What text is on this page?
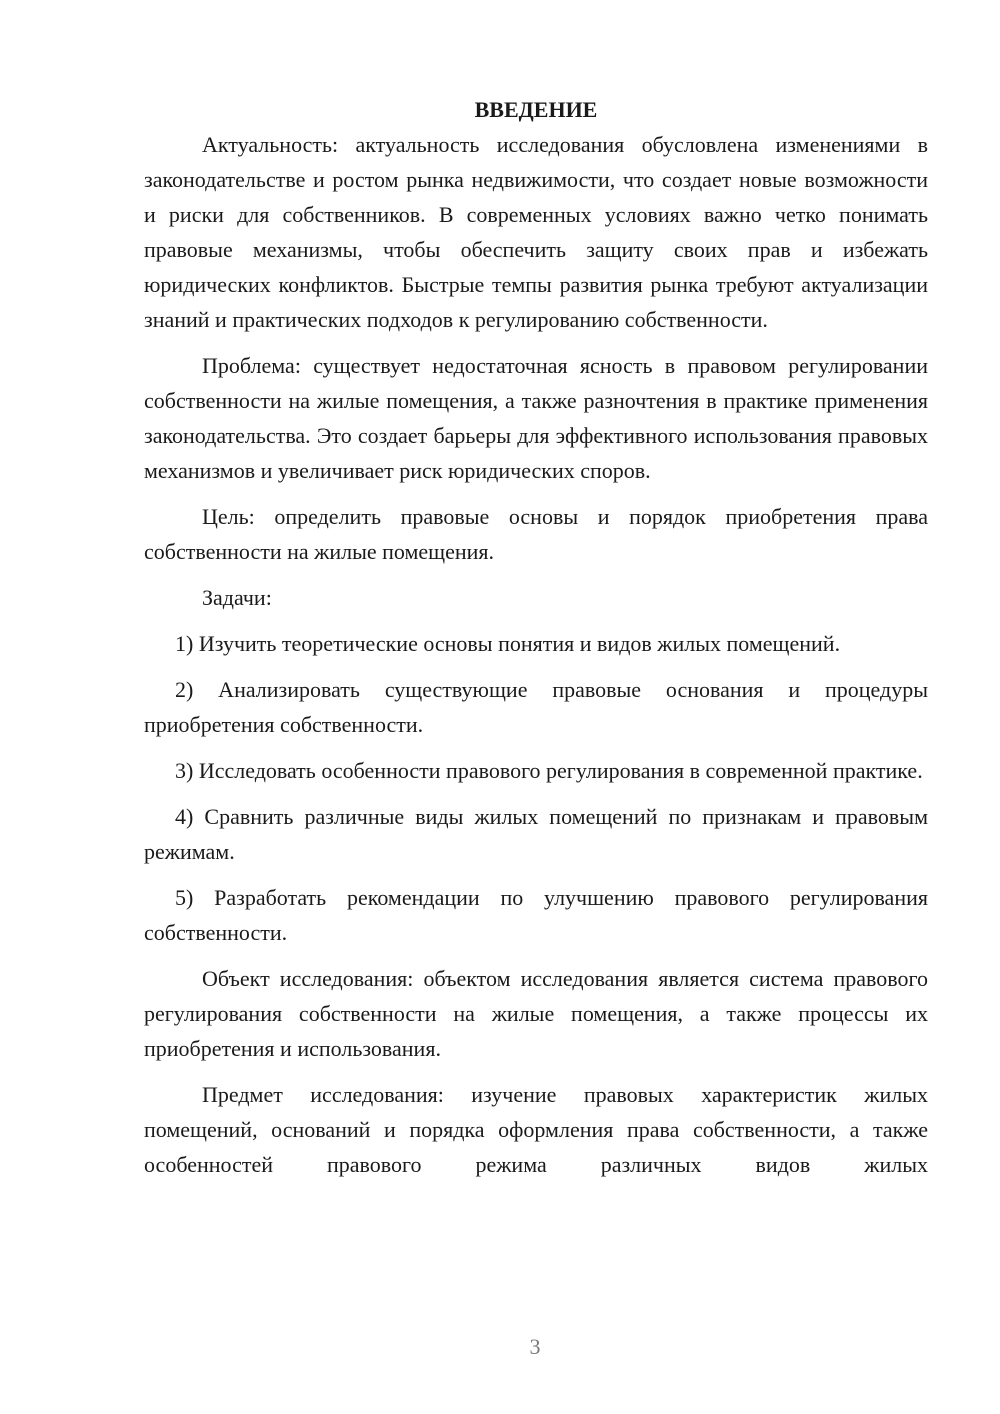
ВВЕДЕНИЕ

Актуальность: актуальность исследования обусловлена изменениями в законодательстве и ростом рынка недвижимости, что создает новые возможности и риски для собственников. В современных условиях важно четко понимать правовые механизмы, чтобы обеспечить защиту своих прав и избежать юридических конфликтов. Быстрые темпы развития рынка требуют актуализации знаний и практических подходов к регулированию собственности.

Проблема: существует недостаточная ясность в правовом регулировании собственности на жилые помещения, а также разночтения в практике применения законодательства. Это создает барьеры для эффективного использования правовых механизмов и увеличивает риск юридических споров.

Цель: определить правовые основы и порядок приобретения права собственности на жилые помещения.

Задачи:

1) Изучить теоретические основы понятия и видов жилых помещений.

2) Анализировать существующие правовые основания и процедуры приобретения собственности.

3) Исследовать особенности правового регулирования в современной практике.

4) Сравнить различные виды жилых помещений по признакам и правовым режимам.

5) Разработать рекомендации по улучшению правового регулирования собственности.

Объект исследования: объектом исследования является система правового регулирования собственности на жилые помещения, а также процессы их приобретения и использования.

Предмет исследования: изучение правовых характеристик жилых помещений, оснований и порядка оформления права собственности, а также особенностей правового режима различных видов жилых

3
